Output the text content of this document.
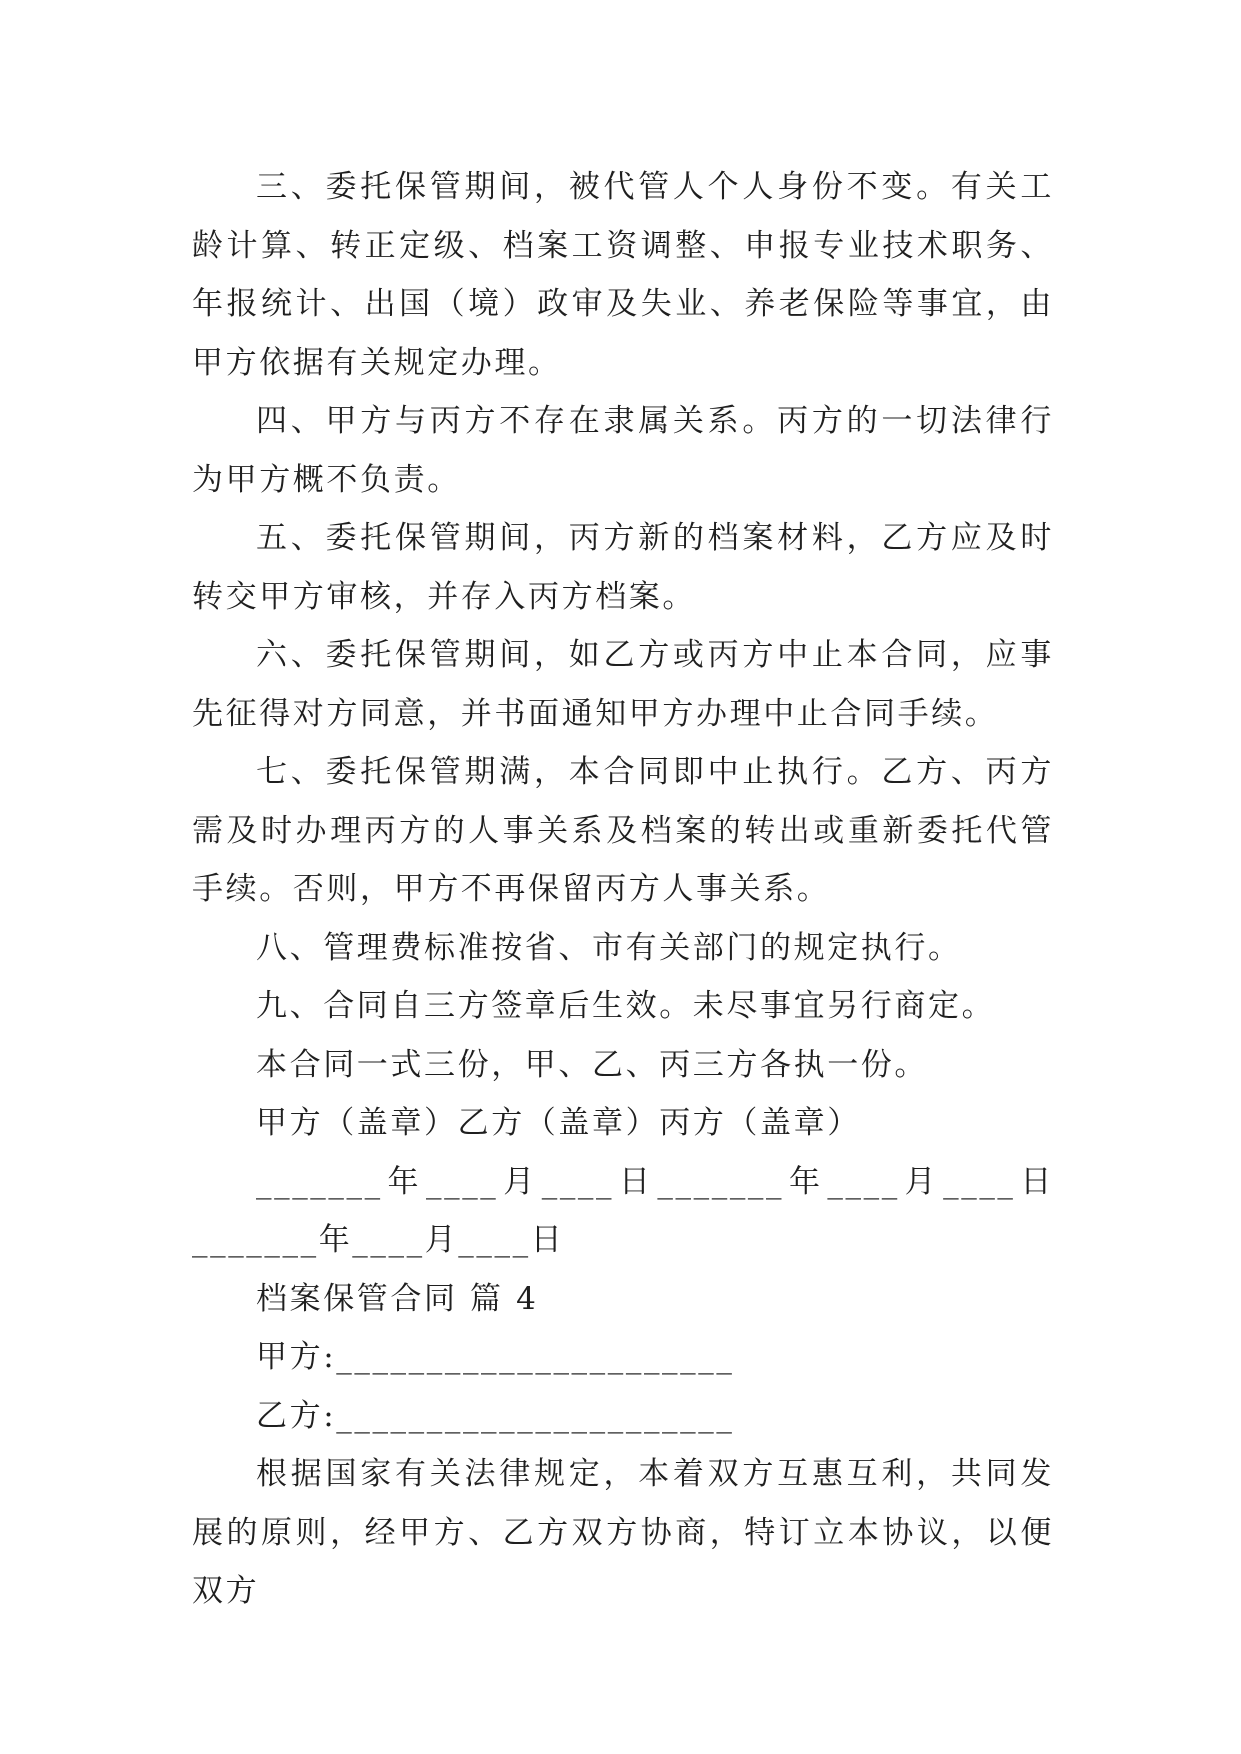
三、委托保管期间，被代管人个人身份不变。有关工龄计算、转正定级、档案工资调整、申报专业技术职务、年报统计、出国（境）政审及失业、养老保险等事宜，由甲方依据有关规定办理。

四、甲方与丙方不存在隶属关系。丙方的一切法律行为甲方概不负责。

五、委托保管期间，丙方新的档案材料，乙方应及时转交甲方审核，并存入丙方档案。

六、委托保管期间，如乙方或丙方中止本合同，应事先征得对方同意，并书面通知甲方办理中止合同手续。

七、委托保管期满，本合同即中止执行。乙方、丙方需及时办理丙方的人事关系及档案的转出或重新委托代管手续。否则，甲方不再保留丙方人事关系。

八、管理费标准按省、市有关部门的规定执行。

九、合同自三方签章后生效。未尽事宜另行商定。

本合同一式三份，甲、乙、丙三方各执一份。

甲方（盖章）乙方（盖章）丙方（盖章）

_______年____月____日_______年____月____日_______年____月____日

档案保管合同 篇 4

甲方:______________________

乙方:______________________

根据国家有关法律规定，本着双方互惠互利，共同发展的原则，经甲方、乙方双方协商，特订立本协议，以便双方
